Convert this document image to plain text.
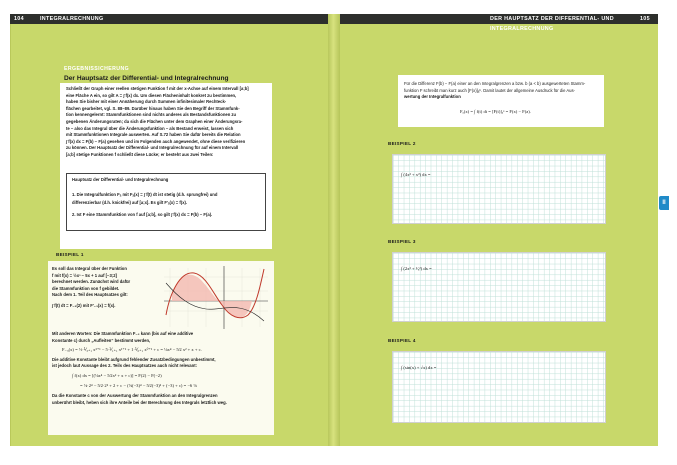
104	INTEGRALRECHNUNG	DER HAUPTSATZ DER DIFFERENTIAL- UND INTEGRALRECHNUNG
105
II
ERGEBNISSICHERUNG
Der Hauptsatz der Differential- und Integralrechnung
Schließt der Graph einer reellen stetigen Funktion f mit der x-Achse auf einem Intervall [a;b]
eine Fläche A ein, so gilt A = ∫ f(x) dx. Um diesen Flächeninhalt konkret zu bestimmen,
haben Sie bisher mit einer Annäherung durch Summen infinitesimaler Rechteck-
flächen gearbeitet, vgl. S. 88–89. Darüber hinaus haben Sie den Begriff der Stammfunk-
tion kennengelernt: Stammfunktionen sind nichts anderes als Bestandsfunktionen zu
gegebenen Änderungsraten; da sich die Flächen unter dem Graphen einer Änderungsra-
te – also das Integral über die Änderungsfunktion – als Bestand erweist, lassen sich
mit Stammfunktionen Integrale auswerten. Auf S.72 haben Sie dafür bereits die Relation
∫ f(x) dx = F(b) − F(a) gesehen und im Folgenden auch angewendet, ohne diese verifizieren
zu können. Der Hauptsatz der Differential- und Integralrechnung für auf einem Intervall
[a;b] stetige Funktionen f schließt diese Lücke; er besteht aus zwei Teilen:
Hauptsatz der Differential- und Integralrechnung
1. Die Integralfunktion Fₐ mit Fₐ(x) = ∫ f(t) dt ist stetig (d.h. sprungfrei) und
differenzierbar (d.h. knickfrei) auf [a;x]. Es gilt F'ₐ(x) = f(x).
2. Ist F eine Stammfunktion von f auf [a;b], so gilt ∫ f(x) dx = F(b) − F(a).
BEISPIEL 1
Es soll das Integral über der Funktion
f mit f(x) = ½x³ − 5x + 1 auf [−3;2]
berechnet werden. Zunächst wird dafür
die Stammfunktion von f gebildet.
Nach dem 1. Teil des Hauptsatzes gilt:
∫ f(t) dt = F₋₃(2) mit F'₋₃(x) = f(x).
Mit anderen Worten: Die Stammfunktion F₋₃ kann (bis auf eine additive
Konstante c) durch „Aufleiten“ bestimmt werden,
F₋₃(x) = ½·⅟₃₊₁ x³⁺¹ − 5·⅟₁₊₁ x¹⁺¹ + 1·⅟₀₊₁ x⁰⁺¹ + c = ⅛x⁴ − 5⁄2 x² + x + c.
Die additive Konstante bleibt aufgrund fehlender Zusatzbedingungen unbestimmt,
ist jedoch laut Aussage des 2. Teils des Hauptsatzes auch nicht relevant:
∫ f(x) dx = [(⅛x⁴ − 5⁄2x² + x + c)] = F(2) − F(−2)
= ⅛·2⁴ − 5⁄2·2² + 2 + c − (⅛(−3)⁴ − 5⁄2(−3)² + (−3) + c) = −6 ⅛
Da die Konstante c von der Auswertung der Stammfunktion an den Integralgrenzen
unberührt bleibt, heben sich ihre Anteile bei der Berechnung des Integrals letztlich weg.
Für die Differenz F(b) − F(a) einer an den Integralgrenzen a bzw. b (a < b) ausgewerteten Stamm-
funktion F schreibt man kurz auch [F(x)]ₐᵇ. Damit lautet der allgemeine Ausdruck für die Aus-
wertung der Integralfunktion
Fₐ(x) = ∫ f(t) dt = [F(t)]ₐˣ = F(x) − F(a).
BEISPIEL 2
∫ (4x² + x³) dx =
BEISPIEL 3
∫ (2x³ + ¹⁄ₓ²) dx =
BEISPIEL 4
∫ (sin(x) + √x) dx =
